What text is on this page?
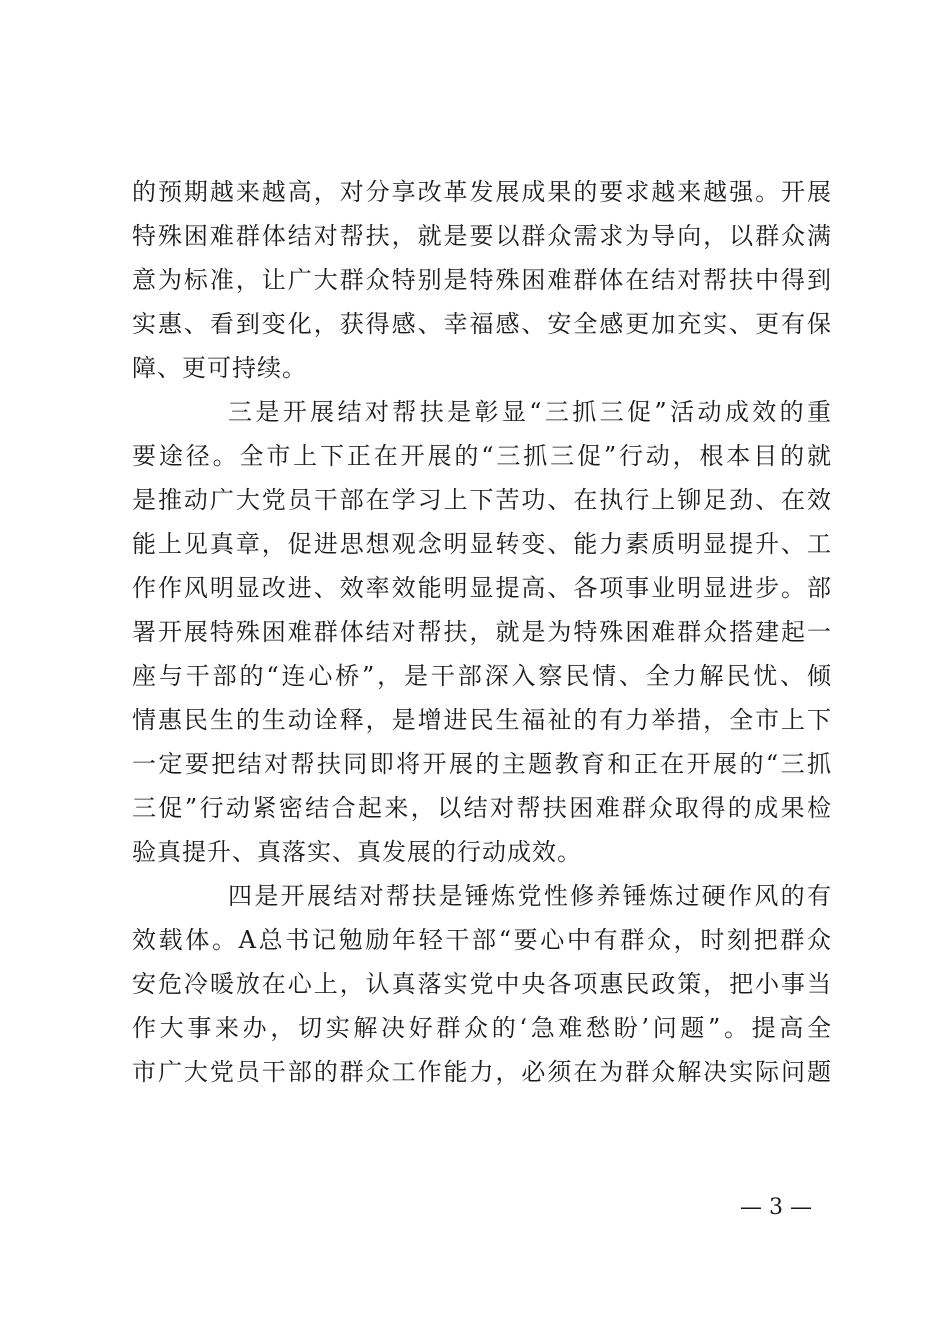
的预期越来越高，对分享改革发展成果的要求越来越强。开展
特殊困难群体结对帮扶，就是要以群众需求为导向，以群众满
意为标准，让广大群众特别是特殊困难群体在结对帮扶中得到
实惠、看到变化，获得感、幸福感、安全感更加充实、更有保
障、更可持续。
三是开展结对帮扶是彰显“三抓三促”活动成效的重
要途径。全市上下正在开展的“三抓三促”行动，根本目的就
是推动广大党员干部在学习上下苦功、在执行上铆足劲、在效
能上见真章，促进思想观念明显转变、能力素质明显提升、工
作作风明显改进、效率效能明显提高、各项事业明显进步。部
署开展特殊困难群体结对帮扶，就是为特殊困难群众搭建起一
座与干部的“连心桥”，是干部深入察民情、全力解民忧、倾
情惠民生的生动诠释，是增进民生福祉的有力举措，全市上下
一定要把结对帮扶同即将开展的主题教育和正在开展的“三抓
三促”行动紧密结合起来，以结对帮扶困难群众取得的成果检
验真提升、真落实、真发展的行动成效。
四是开展结对帮扶是锤炼党性修养锤炼过硬作风的有
效载体。A总书记勉励年轻干部“要心中有群众，时刻把群众
安危冷暖放在心上，认真落实党中央各项惠民政策，把小事当
作大事来办，切实解决好群众的‘急难愁盼’问题”。提高全
市广大党员干部的群众工作能力，必须在为群众解决实际问题
— 3 —
